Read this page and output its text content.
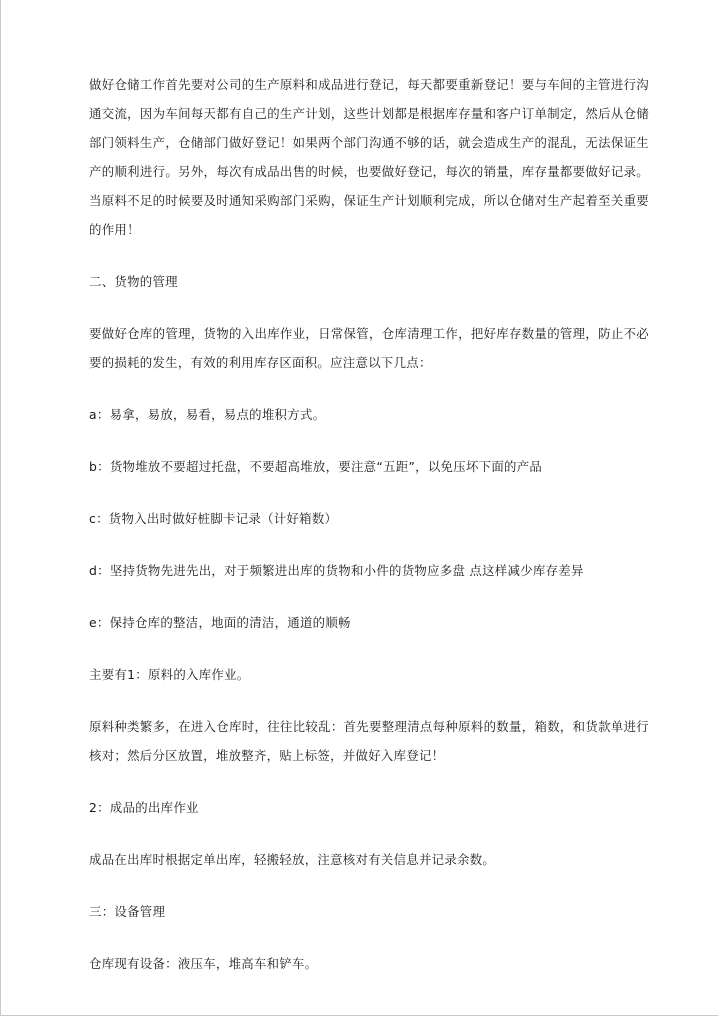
做好仓储工作首先要对公司的生产原料和成品进行登记，每天都要重新登记！要与车间的主管进行沟通交流，因为车间每天都有自己的生产计划，这些计划都是根据库存量和客户订单制定，然后从仓储部门领料生产，仓储部门做好登记！如果两个部门沟通不够的话，就会造成生产的混乱，无法保证生产的顺利进行。另外，每次有成品出售的时候，也要做好登记，每次的销量，库存量都要做好记录。当原料不足的时候要及时通知采购部门采购，保证生产计划顺利完成，所以仓储对生产起着至关重要的作用！

二、货物的管理

要做好仓库的管理，货物的入出库作业，日常保管，仓库清理工作，把好库存数量的管理，防止不必要的损耗的发生，有效的利用库存区面积。应注意以下几点：

a：易拿，易放，易看，易点的堆积方式。

b：货物堆放不要超过托盘，不要超高堆放，要注意“五距”，以免压坏下面的产品

c：货物入出时做好桩脚卡记录（计好箱数）

d：坚持货物先进先出，对于频繁进出库的货物和小件的货物应多盘 点这样减少库存差异

e：保持仓库的整洁，地面的清洁，通道的顺畅

主要有1：原料的入库作业。

原料种类繁多，在进入仓库时，往往比较乱：首先要整理清点每种原料的数量，箱数，和货款单进行核对；然后分区放置，堆放整齐，贴上标签，并做好入库登记！

2：成品的出库作业

成品在出库时根据定单出库，轻搬轻放，注意核对有关信息并记录余数。

三：设备管理

仓库现有设备：液压车，堆高车和铲车。
